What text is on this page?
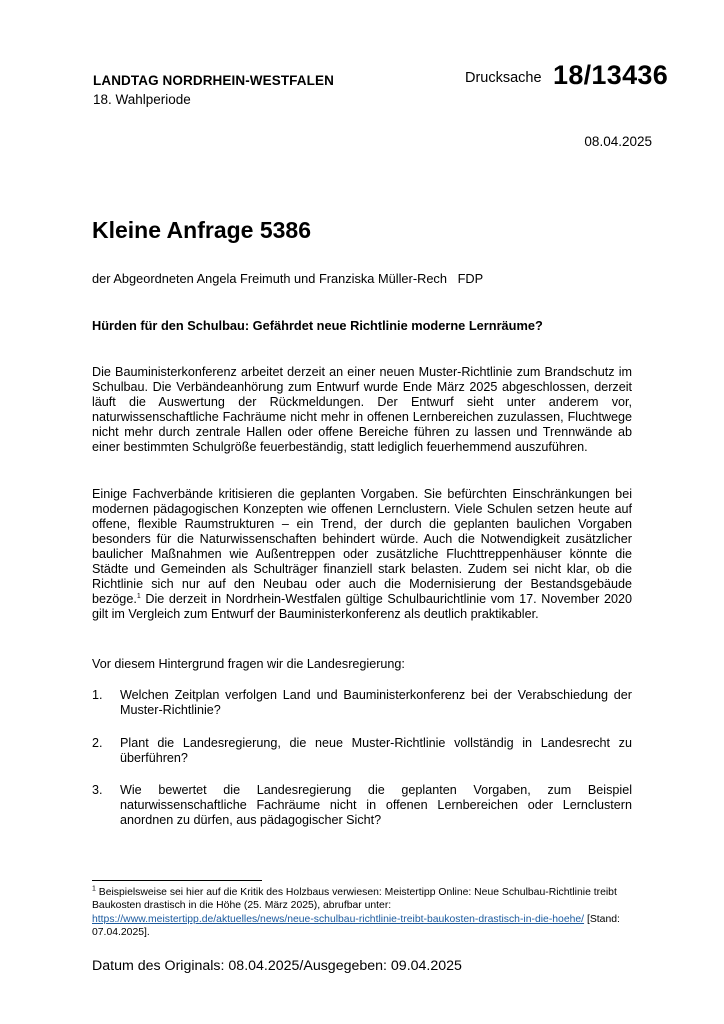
LANDTAG NORDRHEIN-WESTFALEN
18. Wahlperiode
Drucksache 18/13436
08.04.2025
Kleine Anfrage 5386
der Abgeordneten Angela Freimuth und Franziska Müller-Rech   FDP
Hürden für den Schulbau: Gefährdet neue Richtlinie moderne Lernräume?

Die Bauministerkonferenz arbeitet derzeit an einer neuen Muster-Richtlinie zum Brandschutz im Schulbau. Die Verbändeanhörung zum Entwurf wurde Ende März 2025 abgeschlossen, derzeit läuft die Auswertung der Rückmeldungen. Der Entwurf sieht unter anderem vor, naturwissenschaftliche Fachräume nicht mehr in offenen Lernbereichen zuzulassen, Fluchtwege nicht mehr durch zentrale Hallen oder offene Bereiche führen zu lassen und Trennwände ab einer bestimmten Schulgröße feuerbeständig, statt lediglich feuerhemmend auszuführen.

Einige Fachverbände kritisieren die geplanten Vorgaben. Sie befürchten Einschränkungen bei modernen pädagogischen Konzepten wie offenen Lernclustern. Viele Schulen setzen heute auf offene, flexible Raumstrukturen – ein Trend, der durch die geplanten baulichen Vorgaben besonders für die Naturwissenschaften behindert würde. Auch die Notwendigkeit zusätzlicher baulicher Maßnahmen wie Außentreppen oder zusätzliche Fluchttreppenhäuser könnte die Städte und Gemeinden als Schulträger finanziell stark belasten. Zudem sei nicht klar, ob die Richtlinie sich nur auf den Neubau oder auch die Modernisierung der Bestandsgebäude bezöge.$^1$ Die derzeit in Nordrhein-Westfalen gültige Schulbaurichtlinie vom 17. November 2020 gilt im Vergleich zum Entwurf der Bauministerkonferenz als deutlich praktikabler.

Vor diesem Hintergrund fragen wir die Landesregierung:

1. Welchen Zeitplan verfolgen Land und Bauministerkonferenz bei der Verabschiedung der Muster-Richtlinie?
2. Plant die Landesregierung, die neue Muster-Richtlinie vollständig in Landesrecht zu überführen?
3. Wie bewertet die Landesregierung die geplanten Vorgaben, zum Beispiel naturwissenschaftliche Fachräume nicht in offenen Lernbereichen oder Lernclustern anordnen zu dürfen, aus pädagogischer Sicht?
$^1$ Beispielsweise sei hier auf die Kritik des Holzbaus verwiesen: Meistertipp Online: Neue Schulbau-Richtlinie treibt Baukosten drastisch in die Höhe (25. März 2025), abrufbar unter:
https://www.meistertipp.de/aktuelles/news/neue-schulbau-richtlinie-treibt-baukosten-drastisch-in-die-hoehe/ [Stand: 07.04.2025].
Datum des Originals: 08.04.2025/Ausgegeben: 09.04.2025
